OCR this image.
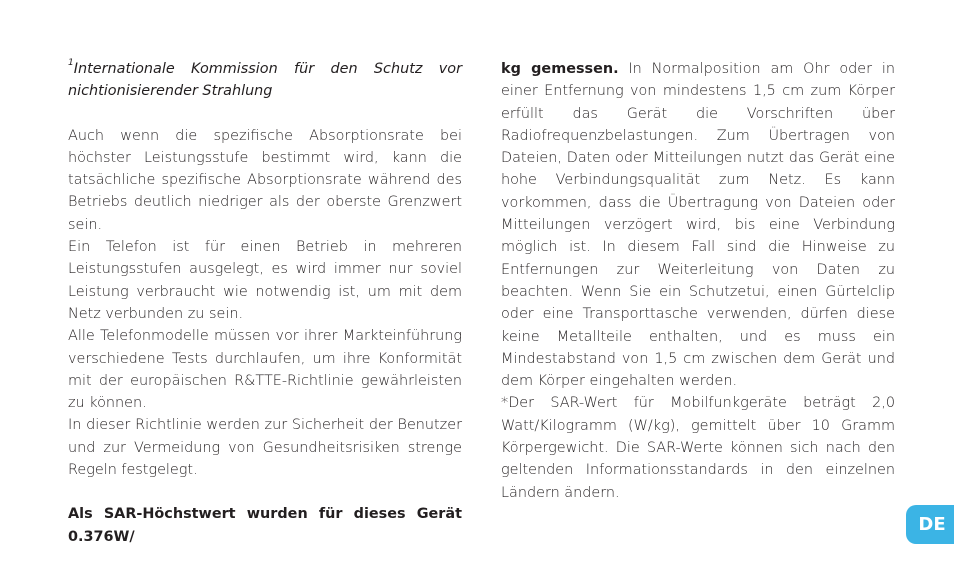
$^1$Internationale Kommission für den Schutz vor nichtionisierender Strahlung

Auch wenn die spezifische Absorptionsrate bei höchster Leistungsstufe bestimmt wird, kann die tatsächliche spezifische Absorptionsrate während des Betriebs deutlich niedriger als der oberste Grenzwert sein.

Ein Telefon ist für einen Betrieb in mehreren Leistungsstufen ausgelegt, es wird immer nur soviel Leistung verbraucht wie notwendig ist, um mit dem Netz verbunden zu sein.

Alle Telefonmodelle müssen vor ihrer Markteinführung verschiedene Tests durchlaufen, um ihre Konformität mit der europäischen R&TTE-Richtlinie gewährleisten zu können.

In dieser Richtlinie werden zur Sicherheit der Benutzer und zur Vermeidung von Gesundheitsrisiken strenge Regeln festgelegt.

Als SAR-Höchstwert wurden für dieses Gerät 0.376W/

kg gemessen. In Normalposition am Ohr oder in einer Entfernung von mindestens 1,5 cm zum Körper erfüllt das Gerät die Vorschriften über Radiofrequenzbelastungen. Zum Übertragen von Dateien, Daten oder Mitteilungen nutzt das Gerät eine hohe Verbindungsqualität zum Netz. Es kann vorkommen, dass die Übertragung von Dateien oder Mitteilungen verzögert wird, bis eine Verbindung möglich ist. In diesem Fall sind die Hinweise zu Entfernungen zur Weiterleitung von Daten zu beachten. Wenn Sie ein Schutzetui, einen Gürtelclip oder eine Transporttasche verwenden, dürfen diese keine Metallteile enthalten, und es muss ein Mindestabstand von 1,5 cm zwischen dem Gerät und dem Körper eingehalten werden.

*Der SAR-Wert für Mobilfunkgeräte beträgt 2,0 Watt/Kilogramm (W/kg), gemittelt über 10 Gramm Körpergewicht. Die SAR-Werte können sich nach den geltenden Informationsstandards in den einzelnen Ländern ändern.

DE
